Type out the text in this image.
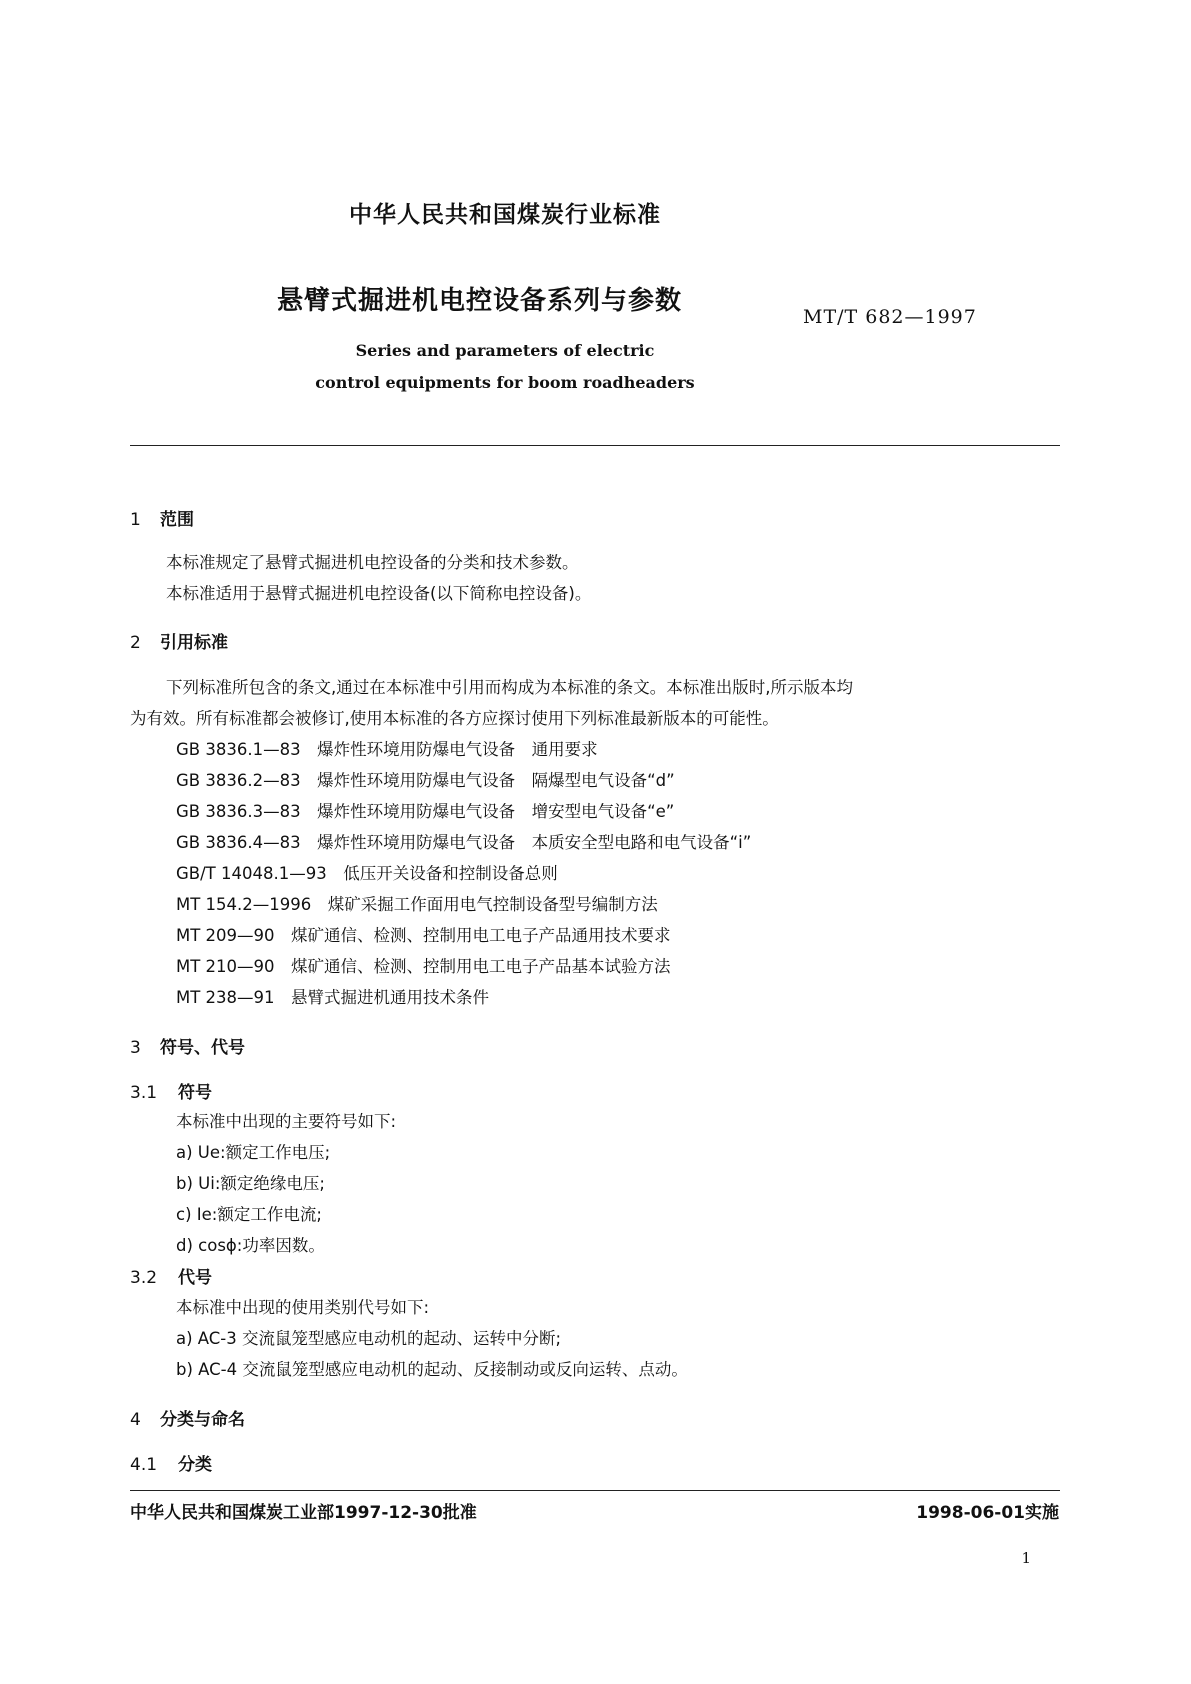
中华人民共和国煤炭行业标准
悬臂式掘进机电控设备系列与参数
MT/T 682—1997
Series and parameters of electric
control equipments for boom roadheaders
1 范围
本标准规定了悬臂式掘进机电控设备的分类和技术参数。
本标准适用于悬臂式掘进机电控设备(以下简称电控设备)。
2 引用标准
下列标准所包含的条文,通过在本标准中引用而构成为本标准的条文。本标准出版时,所示版本均
为有效。所有标准都会被修订,使用本标准的各方应探讨使用下列标准最新版本的可能性。
GB 3836.1—83　爆炸性环境用防爆电气设备　通用要求
GB 3836.2—83　爆炸性环境用防爆电气设备　隔爆型电气设备“d”
GB 3836.3—83　爆炸性环境用防爆电气设备　增安型电气设备“e”
GB 3836.4—83　爆炸性环境用防爆电气设备　本质安全型电路和电气设备“i”
GB/T 14048.1—93　低压开关设备和控制设备总则
MT 154.2—1996　煤矿采掘工作面用电气控制设备型号编制方法
MT 209—90　煤矿通信、检测、控制用电工电子产品通用技术要求
MT 210—90　煤矿通信、检测、控制用电工电子产品基本试验方法
MT 238—91　悬臂式掘进机通用技术条件
3 符号、代号
3.1 符号
本标准中出现的主要符号如下:
a) Ue:额定工作电压;
b) Ui:额定绝缘电压;
c) Ie:额定工作电流;
d) cosϕ:功率因数。
3.2 代号
本标准中出现的使用类别代号如下:
a) AC-3 交流鼠笼型感应电动机的起动、运转中分断;
b) AC-4 交流鼠笼型感应电动机的起动、反接制动或反向运转、点动。
4 分类与命名
4.1 分类
中华人民共和国煤炭工业部1997-12-30批准	1998-06-01实施
1
